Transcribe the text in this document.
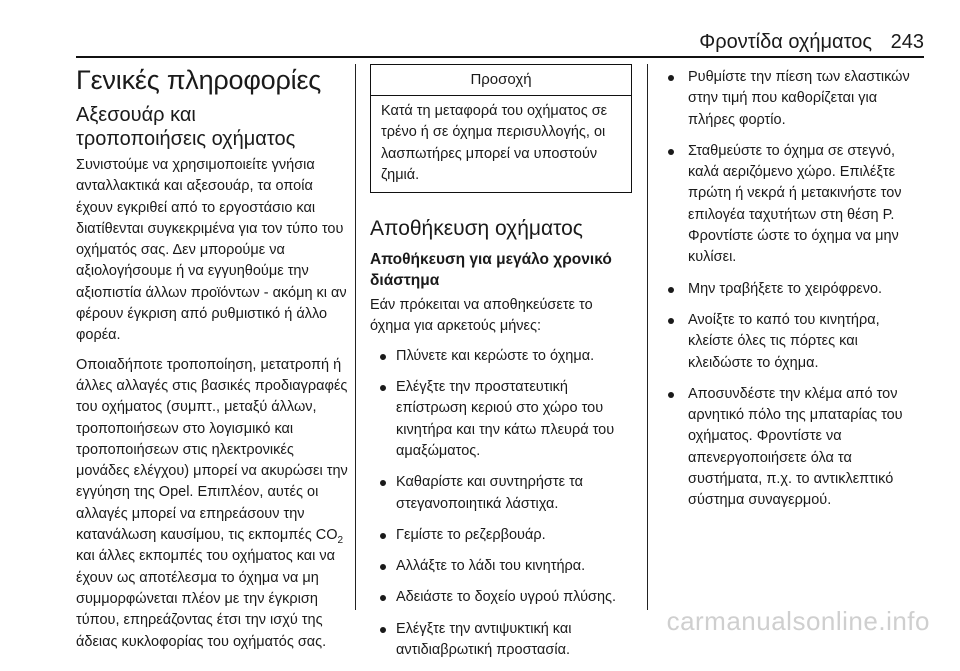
Φροντίδα οχήματος 243
Γενικές πληροφορίες
Αξεσουάρ και
τροποποιήσεις οχήματος

Συνιστούμε να χρησιμοποιείτε γνήσια ανταλλακτικά και αξεσουάρ, τα οποία έχουν εγκριθεί από το εργοστάσιο και διατίθενται συγκεκριμένα για τον τύπο του οχήματός σας. Δεν μπορούμε να αξιολογήσουμε ή να εγγυηθούμε την αξιοπιστία άλλων προϊόντων - ακόμη κι αν φέρουν έγκριση από ρυθμιστικό ή άλλο φορέα.

Οποιαδήποτε τροποποίηση, μετατροπή ή άλλες αλλαγές στις βασικές προδιαγραφές του οχήματος (συμπτ., μεταξύ άλλων, τροποποιήσεων στο λογισμικό και τροποποιήσεων στις ηλεκτρονικές μονάδες ελέγχου) μπορεί να ακυρώσει την εγγύηση της Opel. Επιπλέον, αυτές οι αλλαγές μπορεί να επηρεάσουν την κατανάλωση καυσίμου, τις εκπομπές $CO_2$ και άλλες εκπομπές του οχήματος και να έχουν ως αποτέλεσμα το όχημα να μη συμμορφώνεται πλέον με την έγκριση τύπου, επηρεάζοντας έτσι την ισχύ της άδειας κυκλοφορίας του οχήματός σας.

Προσοχή
Κατά τη μεταφορά του οχήματος σε τρένο ή σε όχημα περισυλλογής, οι λασπωτήρες μπορεί να υποστούν ζημιά.
Αποθήκευση οχήματος
Αποθήκευση για μεγάλο χρονικό διάστημα

Εάν πρόκειται να αποθηκεύσετε το όχημα για αρκετούς μήνες:

Πλύνετε και κερώστε το όχημα.
Ελέγξτε την προστατευτική επίστρωση κεριού στο χώρο του κινητήρα και την κάτω πλευρά του αμαξώματος.
Καθαρίστε και συντηρήστε τα στεγανοποιητικά λάστιχα.
Γεμίστε το ρεζερβουάρ.
Αλλάξτε το λάδι του κινητήρα.
Αδειάστε το δοχείο υγρού πλύσης.
Ελέγξτε την αντιψυκτική και αντιδιαβρωτική προστασία.
Ρυθμίστε την πίεση των ελαστικών στην τιμή που καθορίζεται για πλήρες φορτίο.
Σταθμεύστε το όχημα σε στεγνό, καλά αεριζόμενο χώρο. Επιλέξτε πρώτη ή νεκρά ή μετακινήστε τον επιλογέα ταχυτήτων στη θέση P. Φροντίστε ώστε το όχημα να μην κυλίσει.
Μην τραβήξετε το χειρόφρενο.
Ανοίξτε το καπό του κινητήρα, κλείστε όλες τις πόρτες και κλειδώστε το όχημα.
Αποσυνδέστε την κλέμα από τον αρνητικό πόλο της μπαταρίας του οχήματος. Φροντίστε να απενεργοποιήσετε όλα τα συστήματα, π.χ. το αντικλεπτικό σύστημα συναγερμού.
carmanualsonline.info
